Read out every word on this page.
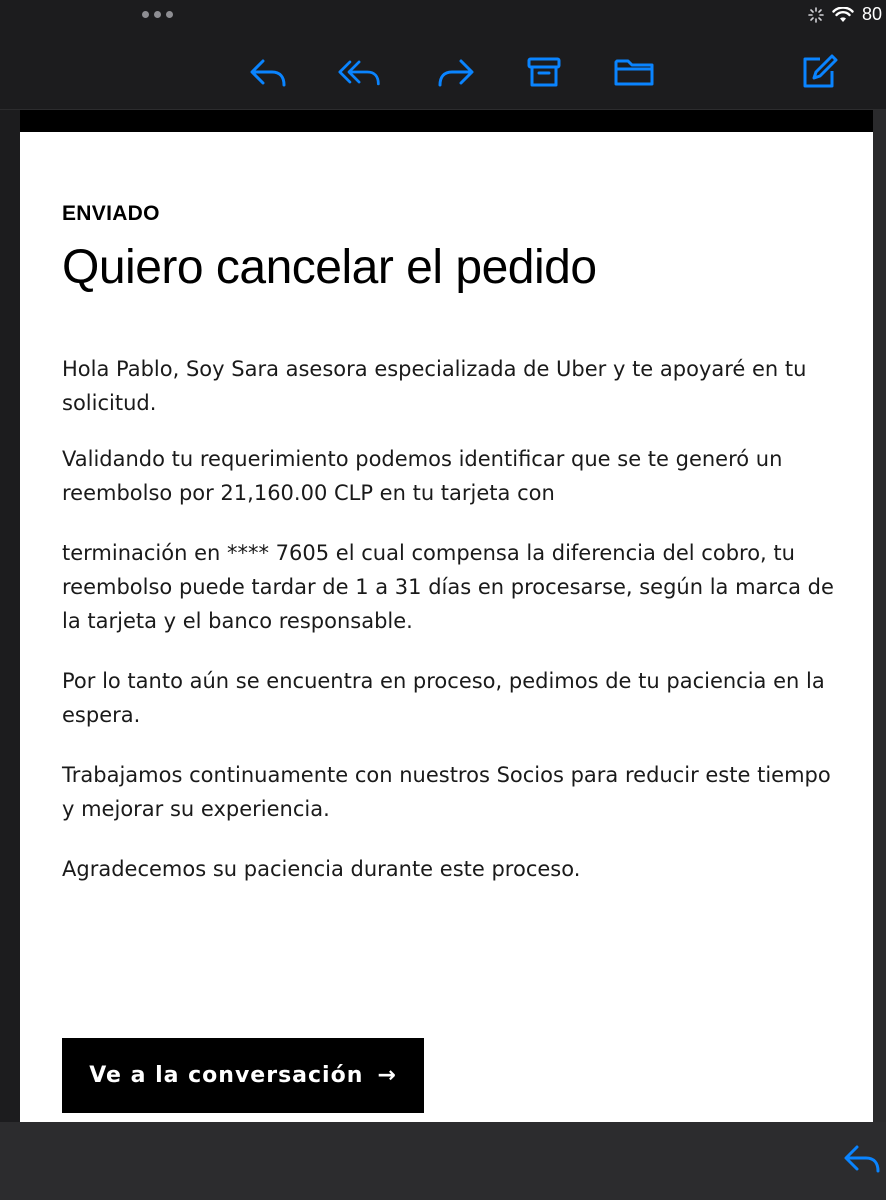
80
ENVIADO
Quiero cancelar el pedido

Hola Pablo, Soy Sara asesora especializada de Uber y te apoyaré en tu solicitud.

Validando tu requerimiento podemos identificar que se te generó un reembolso por 21,160.00 CLP en tu tarjeta con

terminación en **** 7605 el cual compensa la diferencia del cobro, tu reembolso puede tardar de 1 a 31 días en procesarse, según la marca de la tarjeta y el banco responsable.

Por lo tanto aún se encuentra en proceso, pedimos de tu paciencia en la espera.

Trabajamos continuamente con nuestros Socios para reducir este tiempo y mejorar su experiencia.

Agradecemos su paciencia durante este proceso.

Ve a la conversación →
